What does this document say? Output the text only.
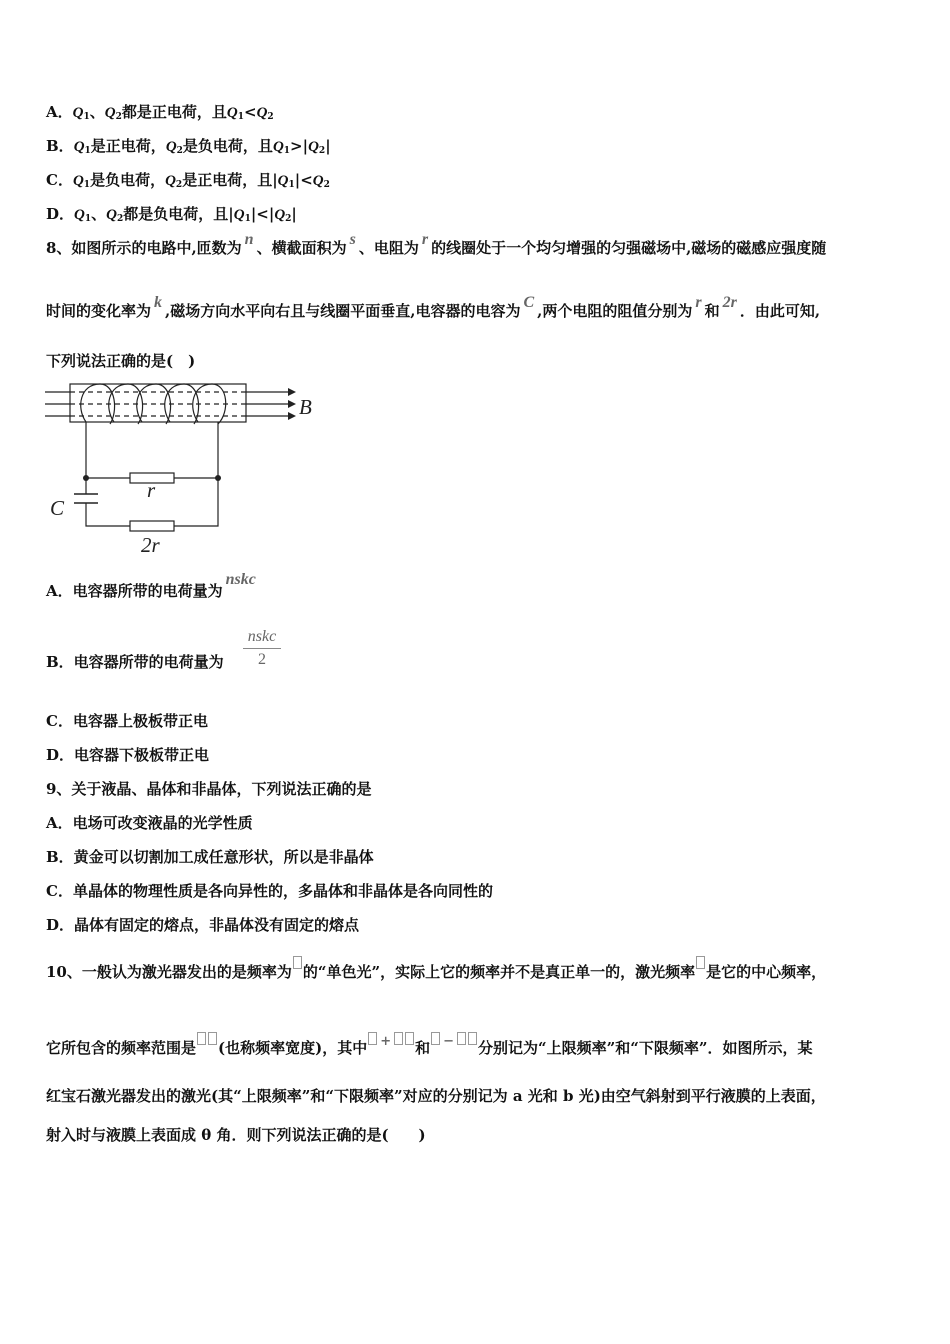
A．$Q_1$、$Q_2$都是正电荷，且$Q_1<Q_2$
B．$Q_1$是正电荷，$Q_2$是负电荷，且$Q_1>|Q_2|$
C．$Q_1$是负电荷，$Q_2$是正电荷，且$|Q_1|<Q_2$
D．$Q_1$、$Q_2$都是负电荷，且$|Q_1|<|Q_2|$
8、如图所示的电路中,匝数为 n 、横截面积为 s 、电阻为 r 的线圈处于一个均匀增强的匀强磁场中,磁场的磁感应强度随
时间的变化率为 k ,磁场方向水平向右且与线圈平面垂直,电容器的电容为 C ,两个电阻的阻值分别为 r 和 2r ．由此可知,
下列说法正确的是(　)
B
r
C
2r
A．电容器所带的电荷量为nskc
B．电容器所带的电荷量为
nskc
2
C．电容器上极板带正电
D．电容器下极板带正电
9、关于液晶、晶体和非晶体，下列说法正确的是
A．电场可改变液晶的光学性质
B．黄金可以切割加工成任意形状，所以是非晶体
C．单晶体的物理性质是各向异性的，多晶体和非晶体是各向同性的
D．晶体有固定的熔点，非晶体没有固定的熔点
10、一般认为激光器发出的是频率为 的“单色光”，实际上它的频率并不是真正单一的，激光频率 是它的中心频率，
它所包含的频率范围是 (也称频率宽度)，其中 + 和 − 分别记为“上限频率”和“下限频率”．如图所示，某
红宝石激光器发出的激光(其“上限频率”和“下限频率”对应的分别记为 a 光和 b 光)由空气斜射到平行液膜的上表面，
射入时与液膜上表面成 θ 角．则下列说法正确的是(　　)
